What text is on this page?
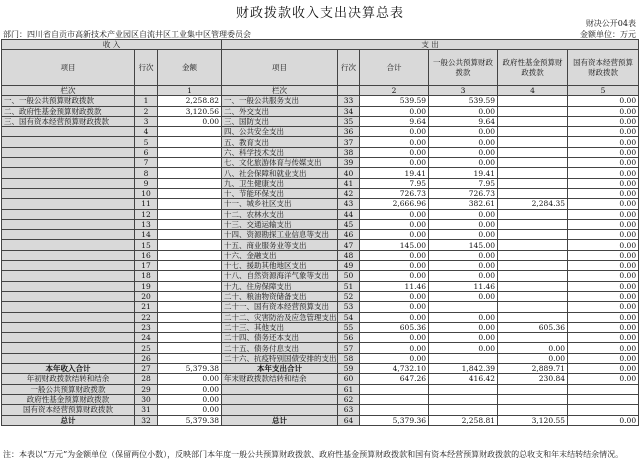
财政拨款收入支出决算总表
财决公开04表
部门：四川省自贡市高新技术产业园区自流井区工业集中区管理委员会	金额单位：万元
收 入			支 出					
项目	行次	金额	项目	行次	合计	一般公共预算财政拨款	政府性基金预算财政拨款	国有资本经营预算财政拨款
栏次		1	栏次		2	3	4	5
一、一般公共预算财政拨款	1	2,258.82	一、一般公共服务支出	33	539.59	539.59		0.00
二、政府性基金预算财政拨款	2	3,120.56	二、外交支出	34	0.00	0.00		0.00
三、国有资本经营预算财政拨款	3	0.00	三、国防支出	35	9.64	9.64		0.00
	4		四、公共安全支出	36	0.00	0.00		0.00
	5		五、教育支出	37	0.00	0.00		0.00
	6		六、科学技术支出	38	0.00	0.00		0.00
	7		七、文化旅游体育与传媒支出	39	0.00	0.00		0.00
	8		八、社会保障和就业支出	40	19.41	19.41		0.00
	9		九、卫生健康支出	41	7.95	7.95		0.00
	10		十、节能环保支出	42	726.73	726.73		0.00
	11		十一、城乡社区支出	43	2,666.96	382.61	2,284.35	0.00
	12		十二、农林水支出	44	0.00	0.00		0.00
	13		十三、交通运输支出	45	0.00	0.00		0.00
	14		十四、资源勘探工业信息等支出	46	0.00	0.00		0.00
	15		十五、商业服务业等支出	47	145.00	145.00		0.00
	16		十六、金融支出	48	0.00	0.00		0.00
	17		十七、援助其他地区支出	49	0.00	0.00		0.00
	18		十八、自然资源海洋气象等支出	50	0.00	0.00		0.00
	19		十九、住房保障支出	51	11.46	11.46		0.00
	20		二十、粮油物资储备支出	52	0.00	0.00		0.00
	21		二十一、国有资本经营预算支出	53	0.00			0.00
	22		二十二、灾害防治及应急管理支出	54	0.00	0.00		0.00
	23		二十三、其他支出	55	605.36	0.00	605.36	0.00
	24		二十四、债务还本支出	56	0.00	0.00		0.00
	25		二十五、债务付息支出	57	0.00	0.00	0.00	0.00
	26		二十六、抗疫特别国债安排的支出	58	0.00		0.00	0.00
本年收入合计	27	5,379.38	本年支出合计	59	4,732.10	1,842.39	2,889.71	0.00
年初财政拨款结转和结余	28	0.00	年末财政拨款结转和结余	60	647.26	416.42	230.84	0.00
一般公共预算财政拨款	29	0.00		61				
政府性基金预算财政拨款	30	0.00		62				
国有资本经营预算财政拨款	31	0.00		63				
总计	32	5,379.38	总计	64	5,379.36	2,258.81	3,120.55	0.00
注：本表以“万元”为金额单位（保留两位小数），反映部门本年度一般公共预算财政拨款、政府性基金预算财政拨款和国有资本经营预算财政拨款的总收支和年末结转结余情况。
